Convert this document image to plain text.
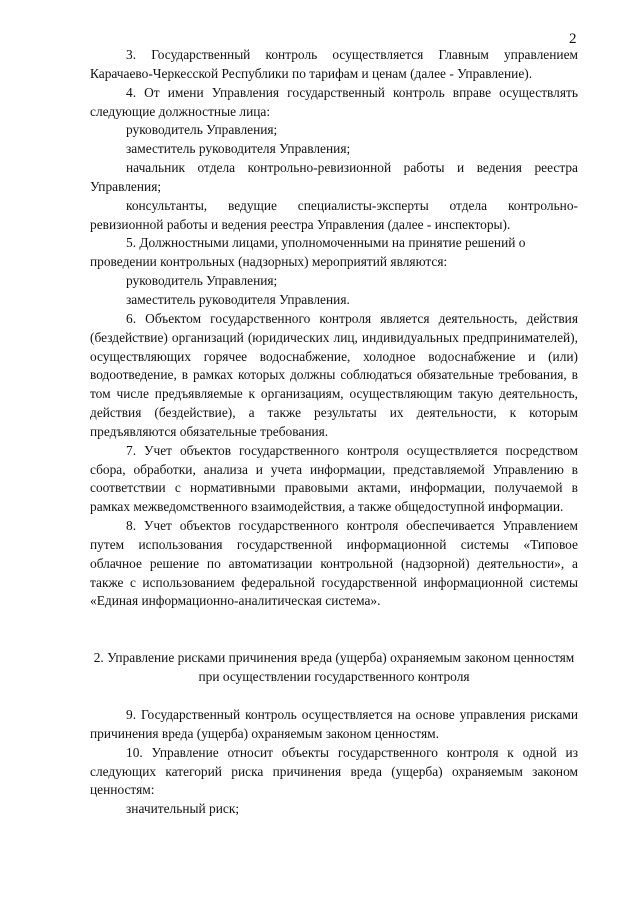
2

3. Государственный контроль осуществляется Главным управлением Карачаево-Черкесской Республики по тарифам и ценам (далее - Управление).

4. От имени Управления государственный контроль вправе осуществлять следующие должностные лица:

руководитель Управления;

заместитель руководителя Управления;

начальник отдела контрольно-ревизионной работы и ведения реестра Управления;

консультанты, ведущие специалисты-эксперты отдела контрольно-ревизионной работы и ведения реестра Управления (далее - инспекторы).

5. Должностными лицами, уполномоченными на принятие решений о проведении контрольных (надзорных) мероприятий являются:

руководитель Управления;

заместитель руководителя Управления.

6. Объектом государственного контроля является деятельность, действия (бездействие) организаций (юридических лиц, индивидуальных предпринимателей), осуществляющих горячее водоснабжение, холодное водоснабжение и (или) водоотведение, в рамках которых должны соблюдаться обязательные требования, в том числе предъявляемые к организациям, осуществляющим такую деятельность, действия (бездействие), а также результаты их деятельности, к которым предъявляются обязательные требования.

7. Учет объектов государственного контроля осуществляется посредством сбора, обработки, анализа и учета информации, представляемой Управлению в соответствии с нормативными правовыми актами, информации, получаемой в рамках межведомственного взаимодействия, а также общедоступной информации.

8. Учет объектов государственного контроля обеспечивается Управлением путем использования государственной информационной системы «Типовое облачное решение по автоматизации контрольной (надзорной) деятельности», а также с использованием федеральной государственной информационной системы «Единая информационно-аналитическая система».

2. Управление рисками причинения вреда (ущерба) охраняемым законом ценностям при осуществлении государственного контроля

9. Государственный контроль осуществляется на основе управления рисками причинения вреда (ущерба) охраняемым законом ценностям.

10. Управление относит объекты государственного контроля к одной из следующих категорий риска причинения вреда (ущерба) охраняемым законом ценностям:

значительный риск;
